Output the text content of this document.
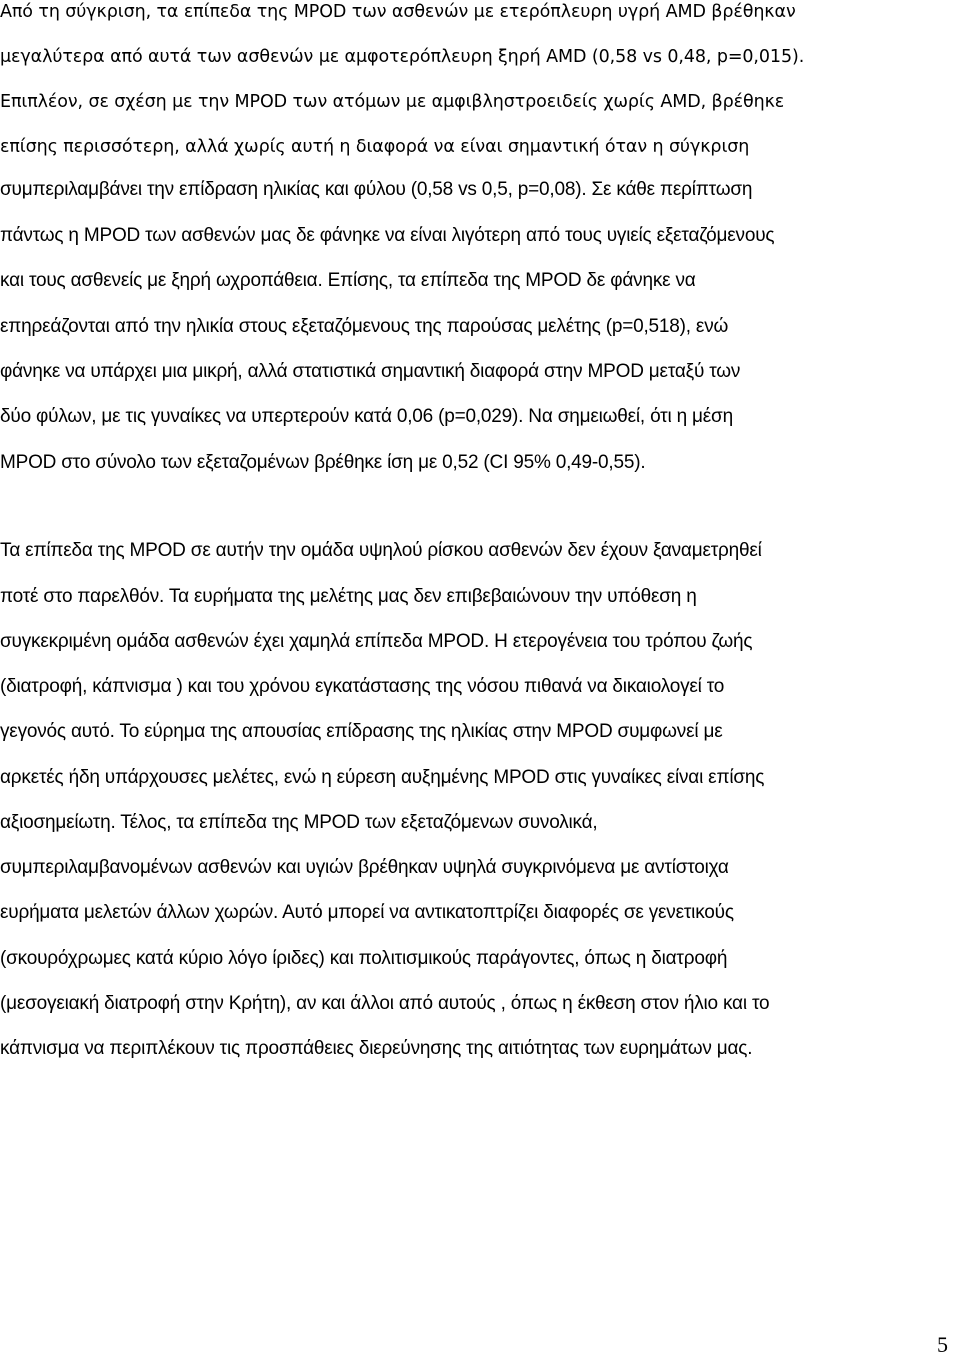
Από τη σύγκριση, τα επίπεδα της MPOD των ασθενών με ετερόπλευρη υγρή AMD βρέθηκαν
μεγαλύτερα από αυτά των ασθενών με αμφοτερόπλευρη ξηρή AMD (0,58 vs 0,48, p=0,015).
Επιπλέον, σε σχέση με την MPOD των ατόμων με αμφιβληστροειδείς χωρίς AMD, βρέθηκε
επίσης περισσότερη, αλλά χωρίς αυτή η διαφορά να είναι σημαντική όταν η σύγκριση
συμπεριλαμβάνει την επίδραση ηλικίας και φύλου (0,58 vs 0,5, p=0,08). Σε κάθε περίπτωση
πάντως η MPOD των ασθενών μας δε φάνηκε να είναι λιγότερη από τους υγιείς εξεταζόμενους
και τους ασθενείς με ξηρή ωχροπάθεια. Επίσης, τα επίπεδα της MPOD δε φάνηκε να
επηρεάζονται από την ηλικία στους εξεταζόμενους της παρούσας μελέτης (p=0,518), ενώ
φάνηκε να υπάρχει μια μικρή, αλλά στατιστικά σημαντική διαφορά στην MPOD μεταξύ των
δύο φύλων, με τις γυναίκες να υπερτερούν κατά 0,06 (p=0,029). Να σημειωθεί, ότι η μέση
MPOD στο σύνολο των εξεταζομένων βρέθηκε ίση με 0,52 (CI 95% 0,49-0,55).
Τα επίπεδα της MPOD σε αυτήν την ομάδα υψηλού ρίσκου ασθενών δεν έχουν ξαναμετρηθεί
ποτέ στο παρελθόν. Τα ευρήματα της μελέτης μας δεν επιβεβαιώνουν την υπόθεση η
συγκεκριμένη ομάδα ασθενών έχει χαμηλά επίπεδα MPOD. Η ετερογένεια του τρόπου ζωής
(διατροφή, κάπνισμα ) και του χρόνου εγκατάστασης της νόσου πιθανά να δικαιολογεί το
γεγονός αυτό. Το εύρημα της απουσίας επίδρασης της ηλικίας στην MPOD συμφωνεί με
αρκετές ήδη υπάρχουσες μελέτες, ενώ η εύρεση αυξημένης MPOD στις γυναίκες είναι επίσης
αξιοσημείωτη. Τέλος, τα επίπεδα της MPOD των εξεταζόμενων συνολικά,
συμπεριλαμβανομένων ασθενών και υγιών βρέθηκαν υψηλά συγκρινόμενα με αντίστοιχα
ευρήματα μελετών άλλων χωρών. Αυτό μπορεί να αντικατοπτρίζει διαφορές σε γενετικούς
(σκουρόχρωμες κατά κύριο λόγο ίριδες) και πολιτισμικούς παράγοντες, όπως η διατροφή
(μεσογειακή διατροφή στην Κρήτη), αν και άλλοι από αυτούς , όπως η έκθεση στον ήλιο και το
κάπνισμα να περιπλέκουν τις προσπάθειες διερεύνησης της αιτιότητας των ευρημάτων μας.
5
